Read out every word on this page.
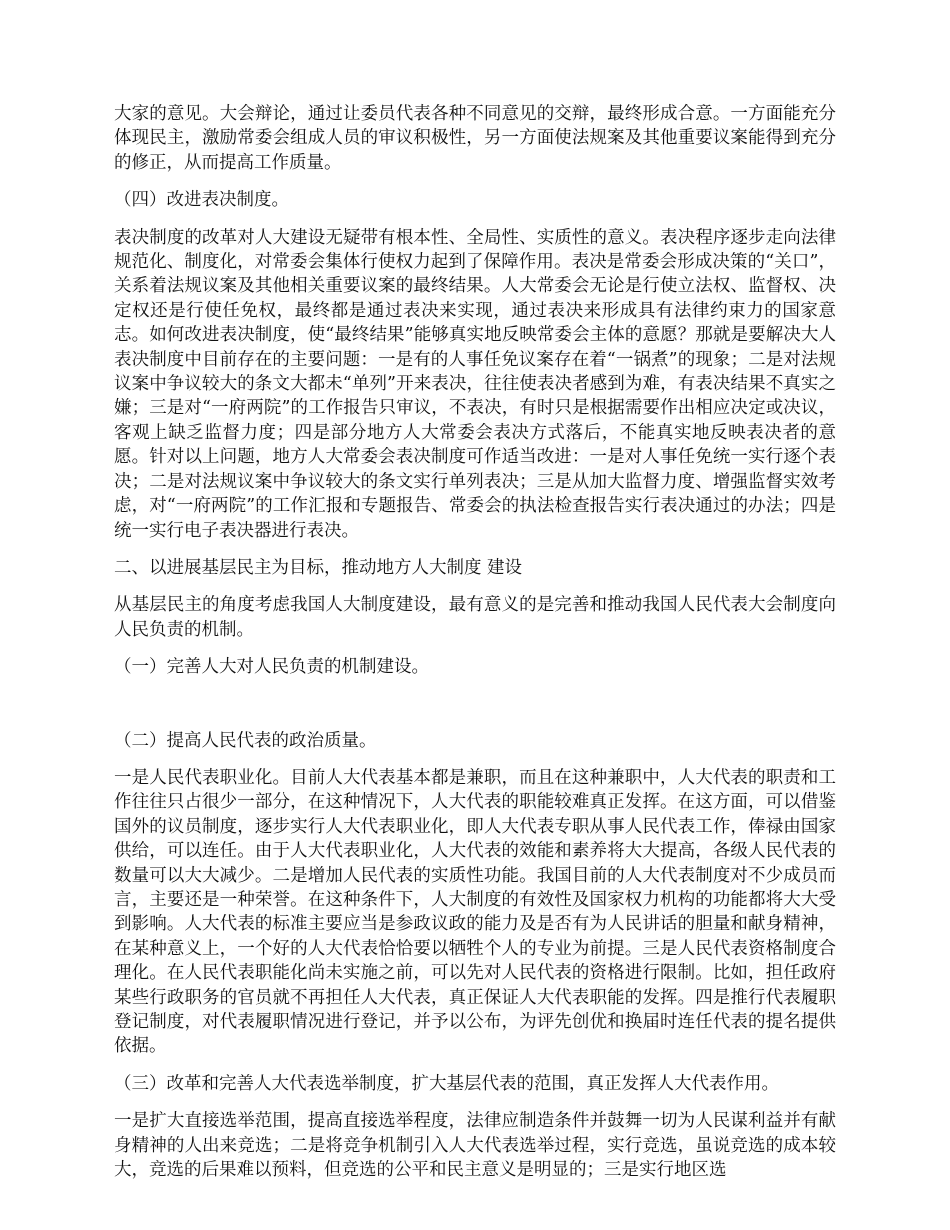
大家的意见。大会辩论，通过让委员代表各种不同意见的交辩，最终形成合意。一方面能充分体现民主，激励常委会组成人员的审议积极性，另一方面使法规案及其他重要议案能得到充分的修正，从而提高工作质量。

（四）改进表决制度。

表决制度的改革对人大建设无疑带有根本性、全局性、实质性的意义。表决程序逐步走向法律规范化、制度化，对常委会集体行使权力起到了保障作用。表决是常委会形成决策的“关口”，关系着法规议案及其他相关重要议案的最终结果。人大常委会无论是行使立法权、监督权、决定权还是行使任免权，最终都是通过表决来实现，通过表决来形成具有法律约束力的国家意志。如何改进表决制度，使“最终结果”能够真实地反映常委会主体的意愿？那就是要解决大人表决制度中目前存在的主要问题：一是有的人事任免议案存在着“一锅煮”的现象；二是对法规议案中争议较大的条文大都未“单列”开来表决，往往使表决者感到为难，有表决结果不真实之嫌；三是对“一府两院”的工作报告只审议，不表决，有时只是根据需要作出相应决定或决议，客观上缺乏监督力度；四是部分地方人大常委会表决方式落后，不能真实地反映表决者的意愿。针对以上问题，地方人大常委会表决制度可作适当改进：一是对人事任免统一实行逐个表决；二是对法规议案中争议较大的条文实行单列表决；三是从加大监督力度、增强监督实效考虑，对“一府两院”的工作汇报和专题报告、常委会的执法检查报告实行表决通过的办法；四是统一实行电子表决器进行表决。

二、以进展基层民主为目标，推动地方人大制度 建设

从基层民主的角度考虑我国人大制度建设，最有意义的是完善和推动我国人民代表大会制度向人民负责的机制。

（一）完善人大对人民负责的机制建设。

（二）提高人民代表的政治质量。

一是人民代表职业化。目前人大代表基本都是兼职，而且在这种兼职中，人大代表的职责和工作往往只占很少一部分，在这种情况下，人大代表的职能较难真正发挥。在这方面，可以借鉴国外的议员制度，逐步实行人大代表职业化，即人大代表专职从事人民代表工作，俸禄由国家供给，可以连任。由于人大代表职业化，人大代表的效能和素养将大大提高，各级人民代表的数量可以大大减少。二是增加人民代表的实质性功能。我国目前的人大代表制度对不少成员而言，主要还是一种荣誉。在这种条件下，人大制度的有效性及国家权力机构的功能都将大大受到影响。人大代表的标准主要应当是参政议政的能力及是否有为人民讲话的胆量和献身精神，在某种意义上，一个好的人大代表恰恰要以牺牲个人的专业为前提。三是人民代表资格制度合理化。在人民代表职能化尚未实施之前，可以先对人民代表的资格进行限制。比如，担任政府某些行政职务的官员就不再担任人大代表，真正保证人大代表职能的发挥。四是推行代表履职登记制度，对代表履职情况进行登记，并予以公布，为评先创优和换届时连任代表的提名提供依据。

（三）改革和完善人大代表选举制度，扩大基层代表的范围，真正发挥人大代表作用。

一是扩大直接选举范围，提高直接选举程度，法律应制造条件并鼓舞一切为人民谋利益并有献身精神的人出来竞选；二是将竞争机制引入人大代表选举过程，实行竞选，虽说竞选的成本较大，竞选的后果难以预料，但竞选的公平和民主意义是明显的；三是实行地区选
